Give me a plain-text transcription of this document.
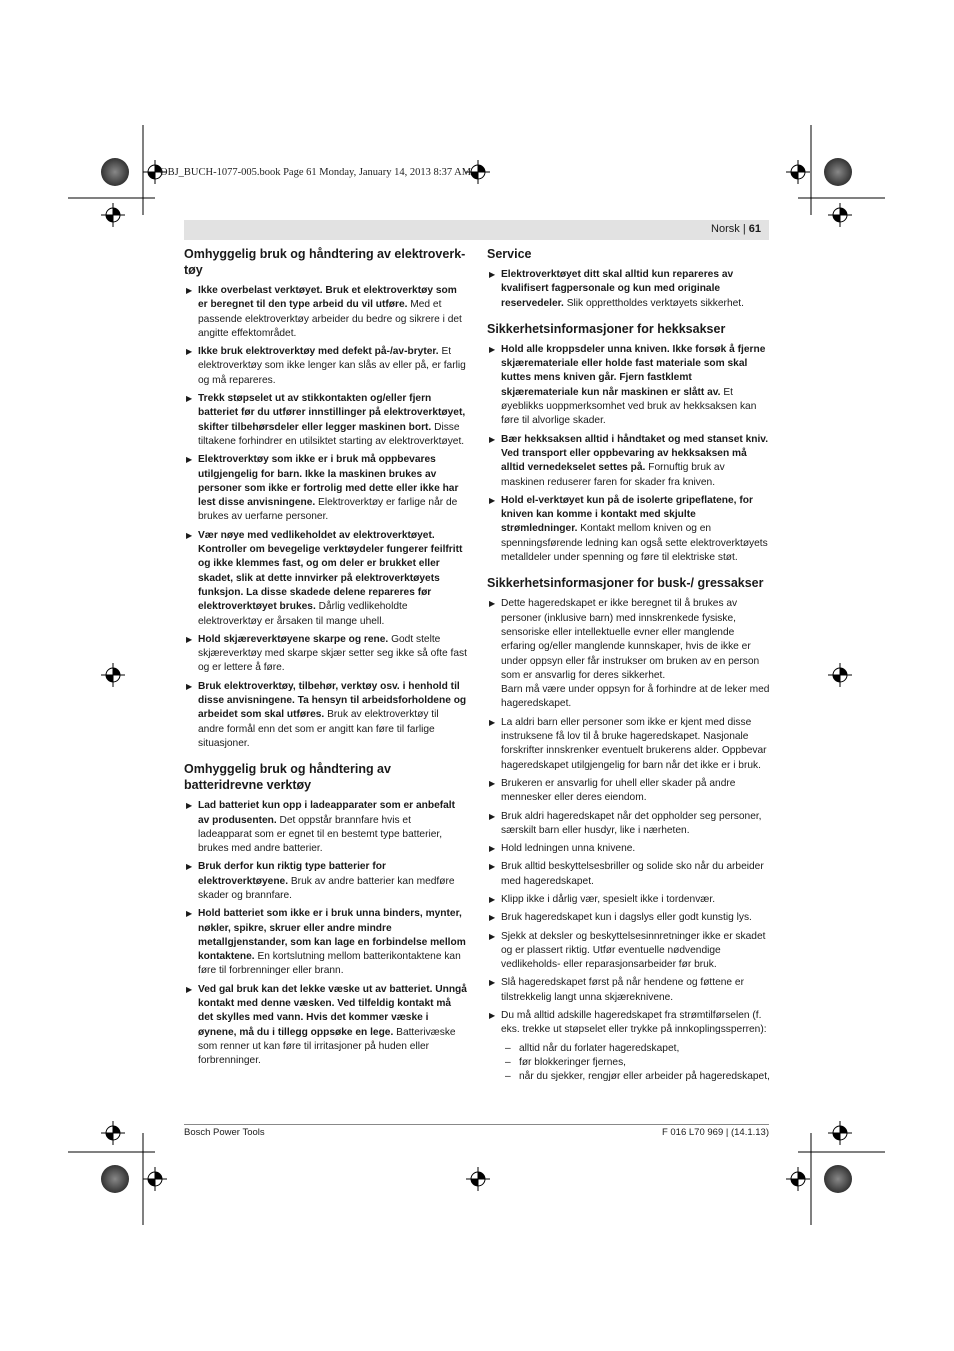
OBJ_BUCH-1077-005.book Page 61 Monday, January 14, 2013 8:37 AM
Norsk | 61
Omhyggelig bruk og håndtering av elektroverk-tøy
▶ Ikke overbelast verktøyet. Bruk et elektroverktøy som er beregnet til den type arbeid du vil utføre. Med et passende elektroverktøy arbeider du bedre og sikrere i det angitte effektområdet.
▶ Ikke bruk elektroverktøy med defekt på-/av-bryter. Et elektroverktøy som ikke lenger kan slås av eller på, er farlig og må repareres.
▶ Trekk støpselet ut av stikkontakten og/eller fjern batteriet før du utfører innstillinger på elektroverktøyet, skifter tilbehørsdeler eller legger maskinen bort. Disse tiltakene forhindrer en utilsiktet starting av elektroverktøyet.
▶ Elektroverktøy som ikke er i bruk må oppbevares utilgjengelig for barn. Ikke la maskinen brukes av personer som ikke er fortrolig med dette eller ikke har lest disse anvisningene. Elektroverktøy er farlige når de brukes av uerfarne personer.
▶ Vær nøye med vedlikeholdet av elektroverktøyet. Kontroller om bevegelige verktøydeler fungerer feilfritt og ikke klemmes fast, og om deler er brukket eller skadet, slik at dette innvirker på elektroverktøyets funksjon. La disse skadede delene repareres før elektroverktøyet brukes. Dårlig vedlikeholdte elektroverktøy er årsaken til mange uhell.
▶ Hold skjæreverktøyene skarpe og rene. Godt stelte skjæreverktøy med skarpe skjær setter seg ikke så ofte fast og er lettere å føre.
▶ Bruk elektroverktøy, tilbehør, verktøy osv. i henhold til disse anvisningene. Ta hensyn til arbeidsforholdene og arbeidet som skal utføres. Bruk av elektroverktøy til andre formål enn det som er angitt kan føre til farlige situasjoner.
Omhyggelig bruk og håndtering av batteridrevne verktøy
▶ Lad batteriet kun opp i ladeapparater som er anbefalt av produsenten. Det oppstår brannfare hvis et ladeapparat som er egnet til en bestemt type batterier, brukes med andre batterier.
▶ Bruk derfor kun riktig type batterier for elektroverktøyene. Bruk av andre batterier kan medføre skader og brannfare.
▶ Hold batteriet som ikke er i bruk unna binders, mynter, nøkler, spikre, skruer eller andre mindre metallgjenstander, som kan lage en forbindelse mellom kontaktene. En kortslutning mellom batterikontaktene kan føre til forbrenninger eller brann.
▶ Ved gal bruk kan det lekke væske ut av batteriet. Unngå kontakt med denne væsken. Ved tilfeldig kontakt må det skylles med vann. Hvis det kommer væske i øynene, må du i tillegg oppsøke en lege. Batterivæske som renner ut kan føre til irritasjoner på huden eller forbrenninger.
Service
▶ Elektroverktøyet ditt skal alltid kun repareres av kvalifisert fagpersonale og kun med originale reservedeler. Slik opprettholdes verktøyets sikkerhet.
Sikkerhetsinformasjoner for hekksakser
▶ Hold alle kroppsdeler unna kniven. Ikke forsøk å fjerne skjæremateriale eller holde fast materiale som skal kuttes mens kniven går. Fjern fastklemt skjæremateriale kun når maskinen er slått av. Et øyeblikks uoppmerksomhet ved bruk av hekksaksen kan føre til alvorlige skader.
▶ Bær hekksaksen alltid i håndtaket og med stanset kniv. Ved transport eller oppbevaring av hekksaksen må alltid vernedekselet settes på. Fornuftig bruk av maskinen reduserer faren for skader fra kniven.
▶ Hold el-verktøyet kun på de isolerte gripeflatene, for kniven kan komme i kontakt med skjulte strømledninger. Kontakt mellom kniven og en spenningsførende ledning kan også sette elektroverktøyets metalldeler under spenning og føre til elektriske støt.
Sikkerhetsinformasjoner for busk-/ gressakser
▶ Dette hageredskapet er ikke beregnet til å brukes av personer (inklusive barn) med innskrenkede fysiske, sensoriske eller intellektuelle evner eller manglende erfaring og/eller manglende kunnskaper, hvis de ikke er under oppsyn eller får instrukser om bruken av en person som er ansvarlig for deres sikkerhet.
Barn må være under oppsyn for å forhindre at de leker med hageredskapet.
▶ La aldri barn eller personer som ikke er kjent med disse instruksene få lov til å bruke hageredskapet. Nasjonale forskrifter innskrenker eventuelt brukerens alder. Oppbevar hageredskapet utilgjengelig for barn når det ikke er i bruk.
▶ Brukeren er ansvarlig for uhell eller skader på andre mennesker eller deres eiendom.
▶ Bruk aldri hageredskapet når det oppholder seg personer, særskilt barn eller husdyr, like i nærheten.
▶ Hold ledningen unna knivene.
▶ Bruk alltid beskyttelsesbriller og solide sko når du arbeider med hageredskapet.
▶ Klipp ikke i dårlig vær, spesielt ikke i tordenvær.
▶ Bruk hageredskapet kun i dagslys eller godt kunstig lys.
▶ Sjekk at deksler og beskyttelsesinnretninger ikke er skadet og er plassert riktig. Utfør eventuelle nødvendige vedlikeholds- eller reparasjonsarbeider før bruk.
▶ Slå hageredskapet først på når hendene og føttene er tilstrekkelig langt unna skjæreknivene.
▶ Du må alltid adskille hageredskapet fra strømtilførselen (f. eks. trekke ut støpselet eller trykke på innkoplingssperren):
– alltid når du forlater hageredskapet,
– før blokkeringer fjernes,
– når du sjekker, rengjør eller arbeider på hageredskapet,
Bosch Power Tools	F 016 L70 969 | (14.1.13)
